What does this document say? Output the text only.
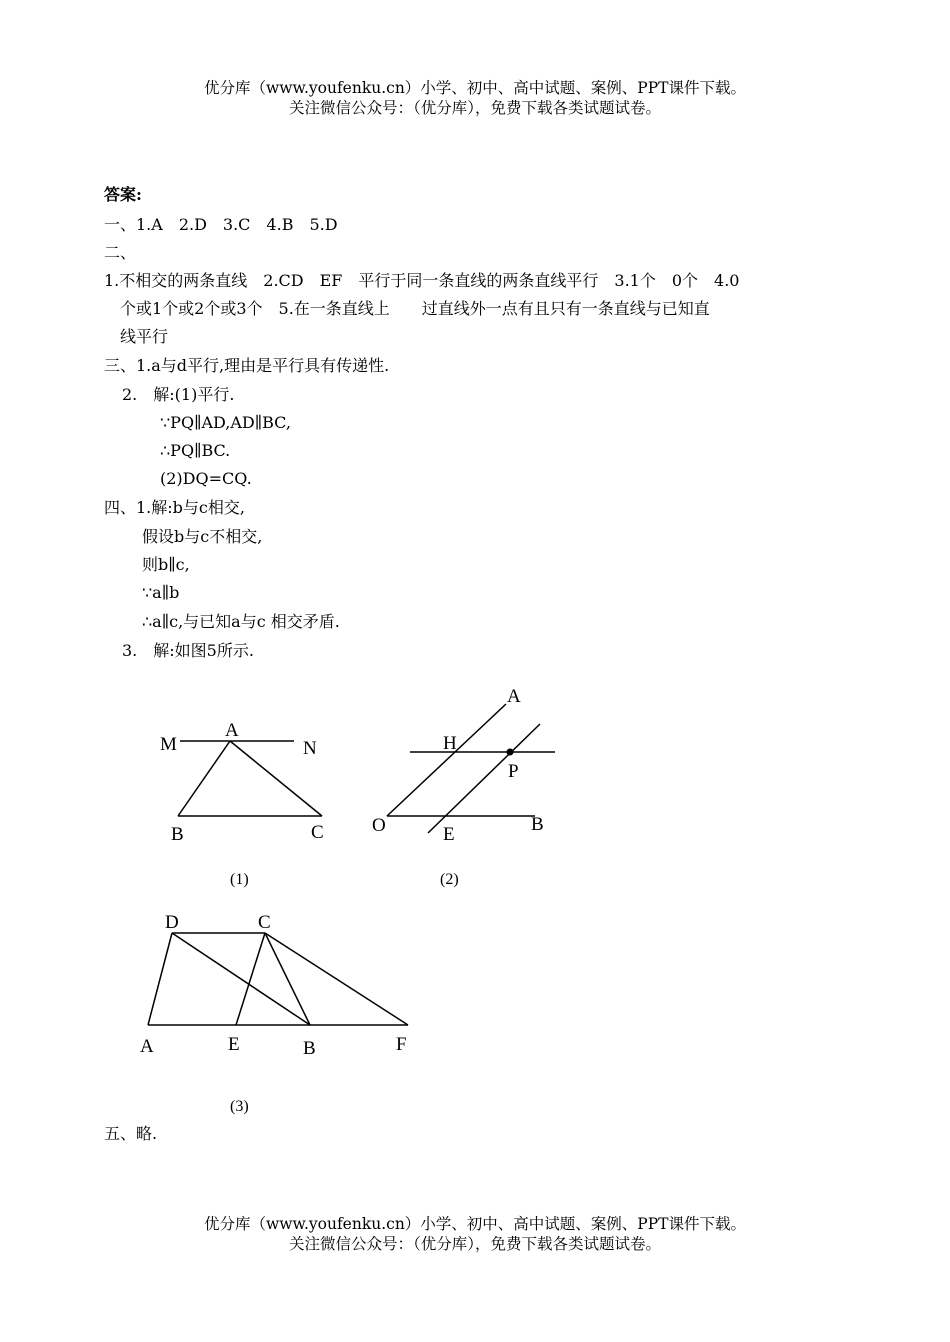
优分库（www.youfenku.cn）小学、初中、高中试题、案例、PPT课件下载。
关注微信公众号：（优分库），免费下载各类试题试卷。
答案:
一、1.A　2.D　3.C　4.B　5.D
二、
1.不相交的两条直线　2.CD　EF　平行于同一条直线的两条直线平行　3.1个　0个　4.0
个或1个或2个或3个　5.在一条直线上　　过直线外一点有且只有一条直线与已知直
线平行
三、1.a与d平行,理由是平行具有传递性.
2.　解:(1)平行.
∵PQ∥AD,AD∥BC,
∴PQ∥BC.
(2)DQ=CQ.
四、1.解:b与c相交,
假设b与c不相交,
则b∥c,
∵a∥b
∴a∥c,与已知a与c 相交矛盾.
3.　解:如图5所示.
M
A
N
B	C
(1)
A
H
P
O	E	B
(2)
D	C
A	E	B	F
(3)
五、略.
优分库（www.youfenku.cn）小学、初中、高中试题、案例、PPT课件下载。
关注微信公众号：（优分库），免费下载各类试题试卷。
